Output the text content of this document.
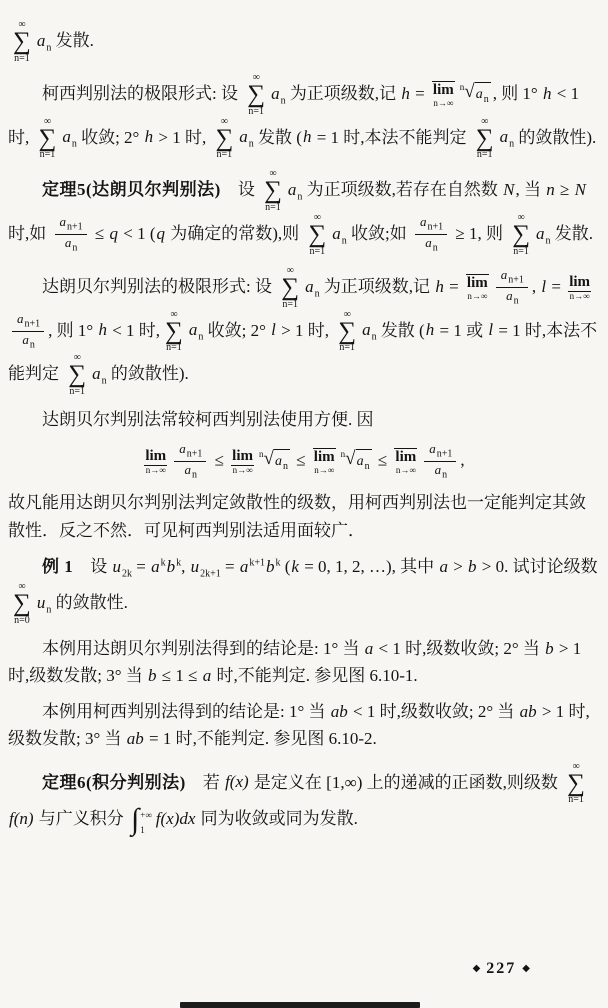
∞
∑
n=1
$a_n$ 发散.
柯西判别法的极限形式: 设
∞
∑
n=1
$a_n$ 为正项级数,记 h = lim
n→∞
$^n$ √ $a_n$ , 则 1° h < 1 时,
∞
∑
n=1
$a_n$ 收敛; 2° h > 1 时,
∞
∑
n=1
$a_n$ 发散 (h = 1 时,本法不能判定
∞
∑
n=1
$a_n$ 的敛散性).
定理5(达朗贝尔判别法)　设
∞
∑
n=1
$a_n$ 为正项级数,若存在自然数 N, 当 n ≥ N 时,如 $\frac{a_{n+1}}{a_n} \le q < 1$ (q 为确定的常数),则
∞
∑
n=1
$a_n$ 收敛;如 $\frac{a_{n+1}}{a_n} \ge 1$, 则
∞
∑
n=1
$a_n$ 发散.
达朗贝尔判别法的极限形式: 设
∞
∑
n=1
$a_n$ 为正项级数,记 h = lim
$n\to\infty \frac{a_{n+1}}{a_n}$ , l = lim
n→∞
$\frac{a_{n+1}}{a_n}$ , 则 1° h < 1 时,
∞
∑
n=1
$a_n$ 收敛; 2° l > 1 时,
∞
∑
n=1
$a_n$ 发散 (h = 1 或 l = 1 时,本法不能判定
∞
∑
n=1
$a_n$ 的敛散性).
达朗贝尔判别法常较柯西判别法使用方便. 因
lim
$n\to\infty \frac{a_{n+1}}{a_n} \le \lim$
n→∞
$^n$ √ $a_n \le \lim$
n→∞
$^n$ √ $a_n \le \lim$
$n\to\infty \frac{a_{n+1}}{a_n}$ ,
故凡能用达朗贝尔判别法判定敛散性的级数，用柯西判别法也一定能判定其敛散性．反之不然．可见柯西判别法适用面较广．
例 1　设 $u_{2k} = a^kb^k$, $u_{2k+1} = a^{k+1}b^k$ (k = 0, 1, 2, …), 其中 a > b > 0. 试讨论级数
∞
∑
n=0
$u_n$ 的敛散性.
本例用达朗贝尔判别法得到的结论是: 1° 当 a < 1 时,级数收敛; 2° 当 b > 1 时,级数发散; 3° 当 b ≤ 1 ≤ a 时,不能判定. 参见图 6.10-1.
本例用柯西判别法得到的结论是: 1° 当 ab < 1 时,级数收敛; 2° 当 ab > 1 时,级数发散; 3° 当 ab = 1 时,不能判定. 参见图 6.10-2.
定理6(积分判别法)　若 f(x) 是定义在 [1,∞) 上的递减的正函数,则级数
∞
∑
n=1
f(n) 与广义积分 ∫ +∞
1
f(x)dx 同为收敛或同为发散.
◆ 227 ◆
